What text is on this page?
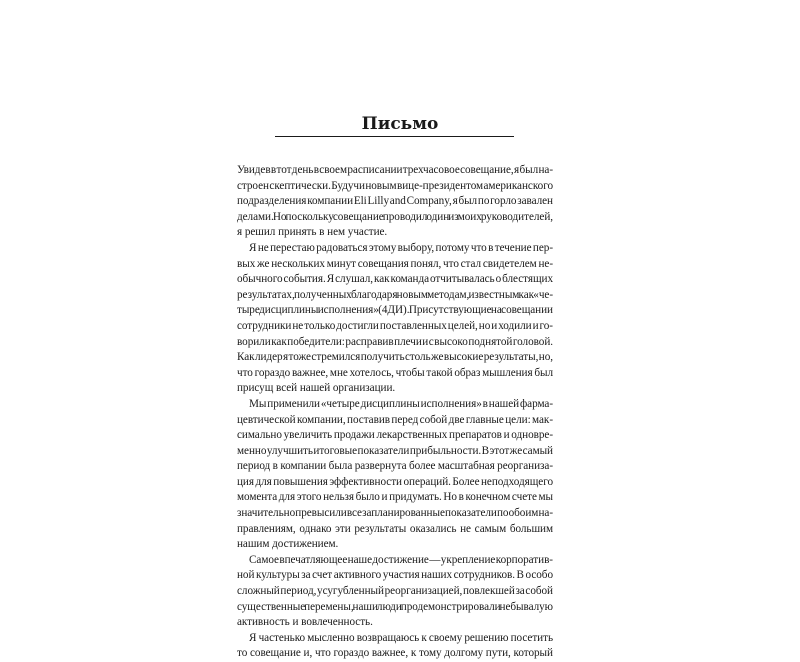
Письмо

Увидев в тот день в своем расписании трехчасовое совещание, я был на-
строен скептически. Будучи новым вице-президентом американского
подразделения компании Eli Lilly and Company, я был по горло завален
делами. Но поскольку совещание проводил один из моих руководителей,
я решил принять в нем участие.

Я не перестаю радоваться этому выбору, потому что в течение пер-
вых же нескольких минут совещания понял, что стал свидетелем не-
обычного события. Я слушал, как команда отчитывалась о блестящих
результатах, полученных благодаря новым методам, известным как «че-
тыре дисциплины исполнения» (4ДИ). Присутствующие на совещании
сотрудники не только достигли поставленных целей, но и ходили и го-
ворили как победители: расправив плечи и с высоко поднятой головой.
Как лидер я тоже стремился получить столь же высокие результаты, но,
что гораздо важнее, мне хотелось, чтобы такой образ мышления был
присущ всей нашей организации.

Мы применили «четыре дисциплины исполнения» в нашей фарма-
цевтической компании, поставив перед собой две главные цели: мак-
симально увеличить продажи лекарственных препаратов и одновре-
менно улучшить итоговые показатели прибыльности. В этот же самый
период в компании была развернута более масштабная реорганиза-
ция для повышения эффективности операций. Более неподходящего
момента для этого нельзя было и придумать. Но в конечном счете мы
значительно превысили все запланированные показатели по обоим на-
правлениям, однако эти результаты оказались не самым большим
нашим достижением.

Самое впечатляющее наше достижение — укрепление корпоратив-
ной культуры за счет активного участия наших сотрудников. В особо
сложный период, усугубленный реорганизацией, повлекшей за собой
существенные перемены, наши люди продемонстрировали небывалую
активность и вовлеченность.

Я частенько мысленно возвращаюсь к своему решению посетить
то совещание и, что гораздо важнее, к тому долгому пути, который
